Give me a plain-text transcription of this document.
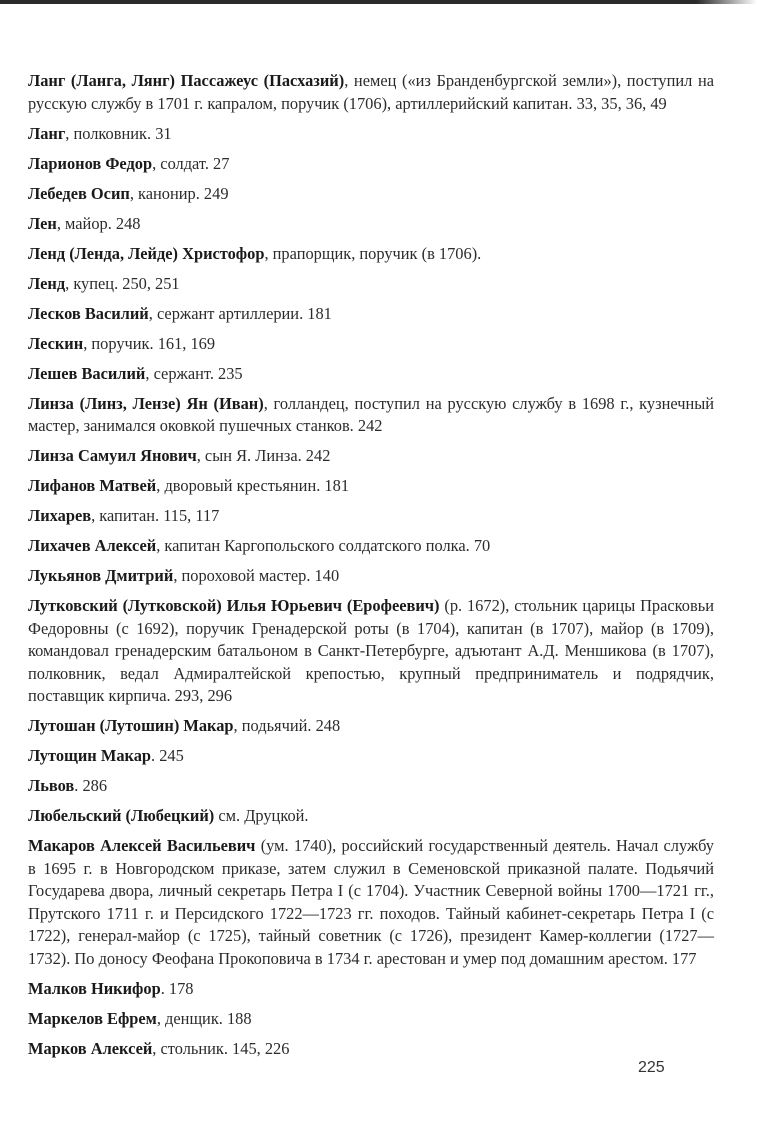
Ланг (Ланга, Лянг) Пассажеус (Пасхазий), немец («из Бранденбургской земли»), поступил на русскую службу в 1701 г. капралом, поручик (1706), артиллерийский капитан. 33, 35, 36, 49

Ланг, полковник. 31

Ларионов Федор, солдат. 27

Лебедев Осип, канонир. 249

Лен, майор. 248

Ленд (Ленда, Лейде) Христофор, прапорщик, поручик (в 1706).

Ленд, купец. 250, 251

Лесков Василий, сержант артиллерии. 181

Лескин, поручик. 161, 169

Лешев Василий, сержант. 235

Линза (Линз, Лензе) Ян (Иван), голландец, поступил на русскую службу в 1698 г., кузнечный мастер, занимался оковкой пушечных станков. 242

Линза Самуил Янович, сын Я. Линза. 242

Лифанов Матвей, дворовый крестьянин. 181

Лихарев, капитан. 115, 117

Лихачев Алексей, капитан Каргопольского солдатского полка. 70

Лукьянов Дмитрий, пороховой мастер. 140

Лутковский (Лутковской) Илья Юрьевич (Ерофеевич) (р. 1672), стольник царицы Прасковьи Федоровны (с 1692), поручик Гренадерской роты (в 1704), капитан (в 1707), майор (в 1709), командовал гренадерским батальоном в Санкт-Петербурге, адъютант А.Д. Меншикова (в 1707), полковник, ведал Адмиралтейской крепостью, крупный предприниматель и подрядчик, поставщик кирпича. 293, 296

Лутошан (Лутошин) Макар, подьячий. 248

Лутощин Макар. 245

Львов. 286

Любельский (Любецкий) см. Друцкой.

Макаров Алексей Васильевич (ум. 1740), российский государственный деятель. Начал службу в 1695 г. в Новгородском приказе, затем служил в Семеновской приказной палате. Подьячий Государева двора, личный секретарь Петра I (с 1704). Участник Северной войны 1700—1721 гг., Прутского 1711 г. и Персидского 1722—1723 гг. походов. Тайный кабинет-секретарь Петра I (с 1722), генерал-майор (с 1725), тайный советник (с 1726), президент Камер-коллегии (1727—1732). По доносу Феофана Прокоповича в 1734 г. арестован и умер под домашним арестом. 177

Малков Никифор. 178

Маркелов Ефрем, денщик. 188

Марков Алексей, стольник. 145, 226

225
